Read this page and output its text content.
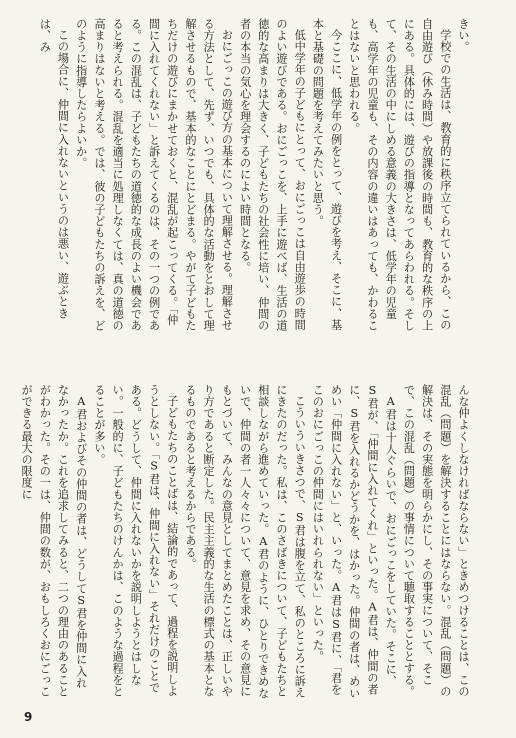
きい。

学校での生活は、教育的に秩序立てられているから、この自由遊び（休み時間）や放課後の時間も、教育的な秩序の上にある。具体的には、遊びの指導となってあらわれる。そして、その生活の中にしめる意義の大きさは、低学年の児童も、高学年の児童も、その内容の違いはあっても、かわることはないと思われる。

今ここに、低学年の例をとって、遊びを考え、そこに、基本と基礎の問題を考えてみたいと思う。

低中学年の子どもにとって、おにごっこは自由遊歩の時間のよい遊びである。おにごっこを、上手に遊べば、生活の道徳的な高まりは大きく、子どもたちの社会性に培い、仲間の者の本当の気心を理会するのによい時間となる。

おにごっこの遊び方の基本について理解させる。理解させる方法として、先ず、いつでも、具体的な活動をとおして理解させるもので、基本的なことにとどまる。やがて子どもたちだけの遊びにまかせておくと、混乱が起こってくる。「仲間に入れてくれない」と訴えてくるのは、その一つの例である。この混乱は、子どもたちの道徳的な成長のよい機会であると考えられる。混乱を適当に処理しなくては、真の道徳の高まりはないと考える。では、彼の子どもたちの訴えを、どのように指導したらよいか。

この場合に、仲間に入れないというのは悪い、遊ぶときは、み

んな仲よくしなければならない」ときめつけることは、この混乱（問題）を解決することにはならない。混乱（問題）の解決は、その実態を明らかにし、その事実について、そこで、この混乱（問題）の事情について聴取することとする。

A君は十人ぐらいで、おにごっこをしていた。そこに、S君が、「仲間に入れてくれ」といった。A君は、仲間の者に、S君を入れるかどうかを、はかった。仲間の者は、めいめい「仲間に入れない」と、いった。A君はS君に、「君をこのおにごっこの仲間にはいれられない」といった。

こういういきさつで、S君は腹を立て、私のところに訴えにきたのだった。私は、このさばきについて、子どもたちと相談しながら進めていった。A君のように、ひとりできめないで、仲間の者一人々々について、意見を求め、その意見にもとづいて、みんなの意見としてまとめたことは、正しいやり方であると断定した。民主主義的な生活の標式の基本となるものであると考えるからである。

子どもたちのことばは、結論的であって、過程を説明しようとしない。「S君は、仲間に入れない」それだけのことである。どうして、仲間に入れないかを説明しようとはしない。一般的に、子どもたちのけんかは、このような過程をとることが多い。

A君およびその仲間の者は、どうしてS君を仲間に入れなかったか。これを追求してみると、二つの理由のあることがわかった。その一は、仲間の数が、おもしろくおにごっこができる最大の限度に

9
